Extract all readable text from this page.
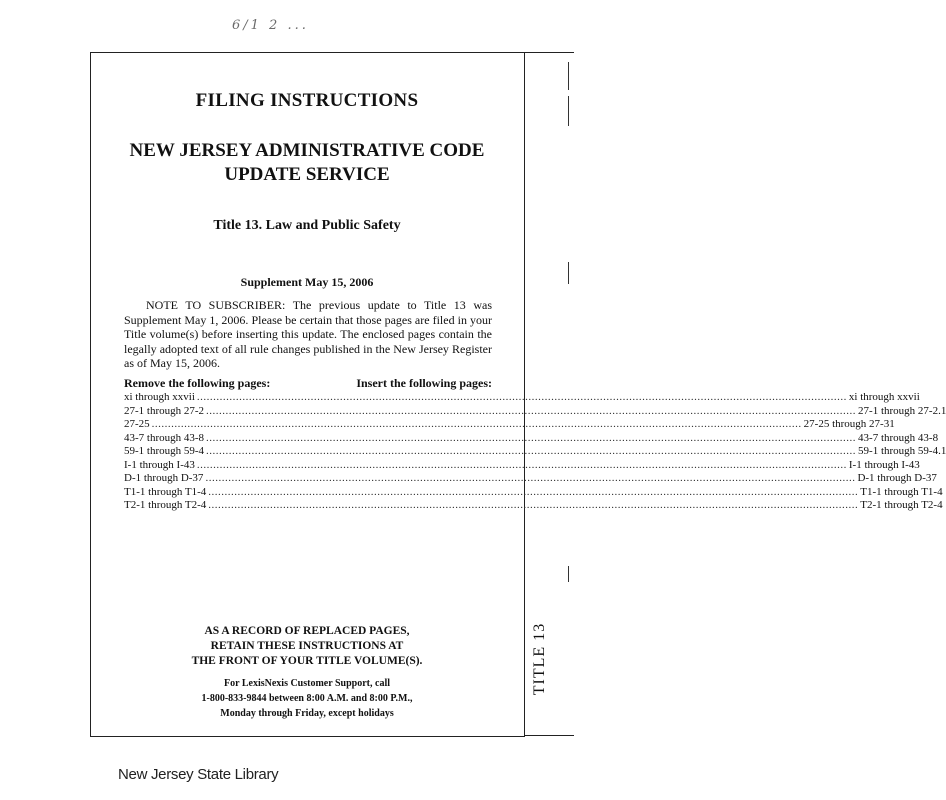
6/1 2 ...
TITLE 13
FILING INSTRUCTIONS
NEW JERSEY ADMINISTRATIVE CODE
UPDATE SERVICE
Title 13. Law and Public Safety
Supplement May 15, 2006
NOTE TO SUBSCRIBER: The previous update to Title 13 was Supplement May 1, 2006. Please be certain that those pages are filed in your Title volume(s) before inserting this update. The enclosed pages contain the legally adopted text of all rule changes published in the New Jersey Register as of May 15, 2006.
Remove the following pages:	Insert the following pages:
xi through xxvii ........................................................................................................................................................................................................ xi through xxvii
27-1 through 27-2 ........................................................................................................................................................................................................ 27-1 through 27-2.1
27-25 ........................................................................................................................................................................................................ 27-25 through 27-31
43-7 through 43-8 ........................................................................................................................................................................................................ 43-7 through 43-8
59-1 through 59-4 ........................................................................................................................................................................................................ 59-1 through 59-4.1
I-1 through I-43 ........................................................................................................................................................................................................ I-1 through I-43
D-1 through D-37 ........................................................................................................................................................................................................ D-1 through D-37
T1-1 through T1-4 ........................................................................................................................................................................................................ T1-1 through T1-4
T2-1 through T2-4 ........................................................................................................................................................................................................ T2-1 through T2-4
AS A RECORD OF REPLACED PAGES,
RETAIN THESE INSTRUCTIONS AT
THE FRONT OF YOUR TITLE VOLUME(S).
For LexisNexis Customer Support, call
1-800-833-9844 between 8:00 A.M. and 8:00 P.M.,
Monday through Friday, except holidays
New Jersey State Library
